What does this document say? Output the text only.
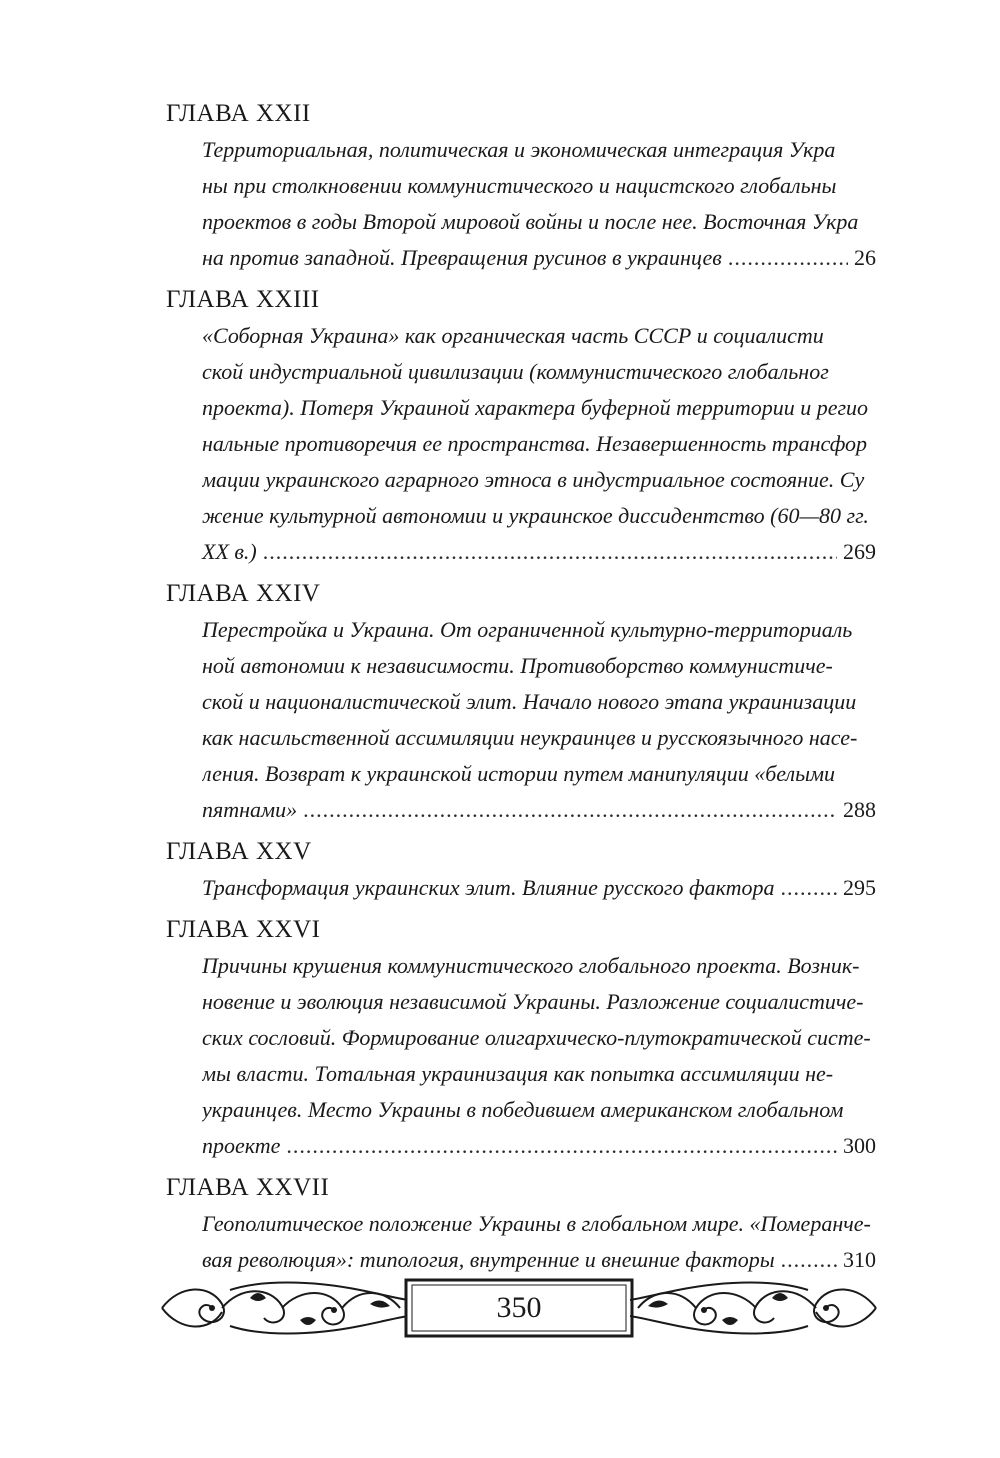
ГЛАВА XXII
Территориальная, политическая и экономическая интеграция Укра
ны при столкновении коммунистического и нацистского глобальны
проектов в годы Второй мировой войны и после нее. Восточная Укра
на против западной. Превращения русинов в украинцев .....	26
ГЛАВА XXIII
«Соборная Украина» как органическая часть СССР и социалисти
ской индустриальной цивилизации (коммунистического глобальног
проекта). Потеря Украиной характера буферной территории и регио
нальные противоречия ее пространства. Незавершенность трансфор
мации украинского аграрного этноса в индустриальное состояние. Су
жение культурной автономии и украинское диссидентство (60—80 гг.
XX в.) .....	269
ГЛАВА XXIV
Перестройка и Украина. От ограниченной культурно-территориаль
ной автономии к независимости. Противоборство коммунистиче-
ской и националистической элит. Начало нового этапа украинизации
как насильственной ассимиляции неукраинцев и русскоязычного насе-
ления. Возврат к украинской истории путем манипуляции «белыми
пятнами» .....	288
ГЛАВА XXV
Трансформация украинских элит. Влияние русского фактора .....	295
ГЛАВА XXVI
Причины крушения коммунистического глобального проекта. Возник-
новение и эволюция независимой Украины. Разложение социалистиче-
ских сословий. Формирование олигархическо-плутократической систе-
мы власти. Тотальная украинизация как попытка ассимиляции не-
украинцев. Место Украины в победившем американском глобальном
проекте .....	300
ГЛАВА XXVII
Геополитическое положение Украины в глобальном мире. «Померанче-
вая революция»: типология, внутренние и внешние факторы .....	310
350
